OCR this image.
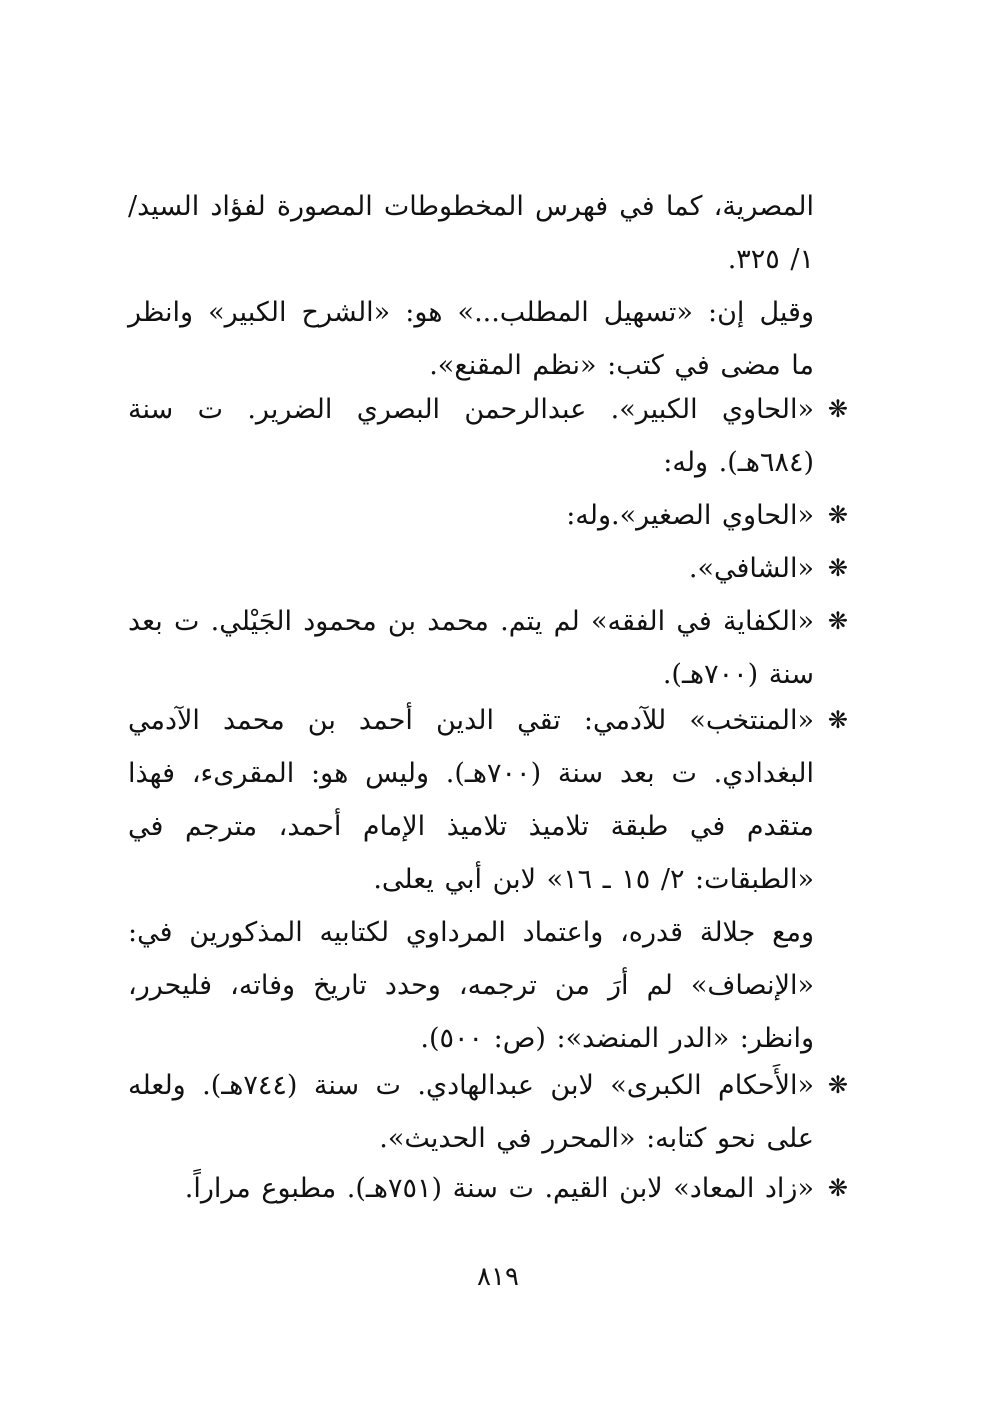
المصرية، كما في فهرس المخطوطات المصورة لفؤاد السيد/ ١/ ٣٢٥.

وقيل إن: «تسهيل المطلب...» هو: «الشرح الكبير» وانظر ما مضى في كتب: «نظم المقنع».

❋

«الحاوي الكبير». عبدالرحمن البصري الضرير. ت سنة (٦٨٤هـ). وله:

❋

«الحاوي الصغير».وله:

❋

«الشافي».

❋

«الكفاية في الفقه» لم يتم. محمد بن محمود الجَيْلي. ت بعد سنة (٧٠٠هـ).

❋

«المنتخب» للآدمي: تقي الدين أحمد بن محمد الآدمي البغدادي. ت بعد سنة (٧٠٠هـ). وليس هو: المقرىء، فهذا متقدم في طبقة تلاميذ تلاميذ الإمام أحمد، مترجم في «الطبقات: ٢/ ١٥ ـ ١٦» لابن أبي يعلى.

ومع جلالة قدره، واعتماد المرداوي لكتابيه المذكورين في: «الإنصاف» لم أرَ من ترجمه، وحدد تاريخ وفاته، فليحرر، وانظر: «الدر المنضد»: (ص: ٥٠٠).

❋

«الأَحكام الكبرى» لابن عبدالهادي. ت سنة (٧٤٤هـ). ولعله على نحو كتابه: «المحرر في الحديث».

❋

«زاد المعاد» لابن القيم. ت سنة (٧٥١هـ). مطبوع مراراً.

٨١٩
